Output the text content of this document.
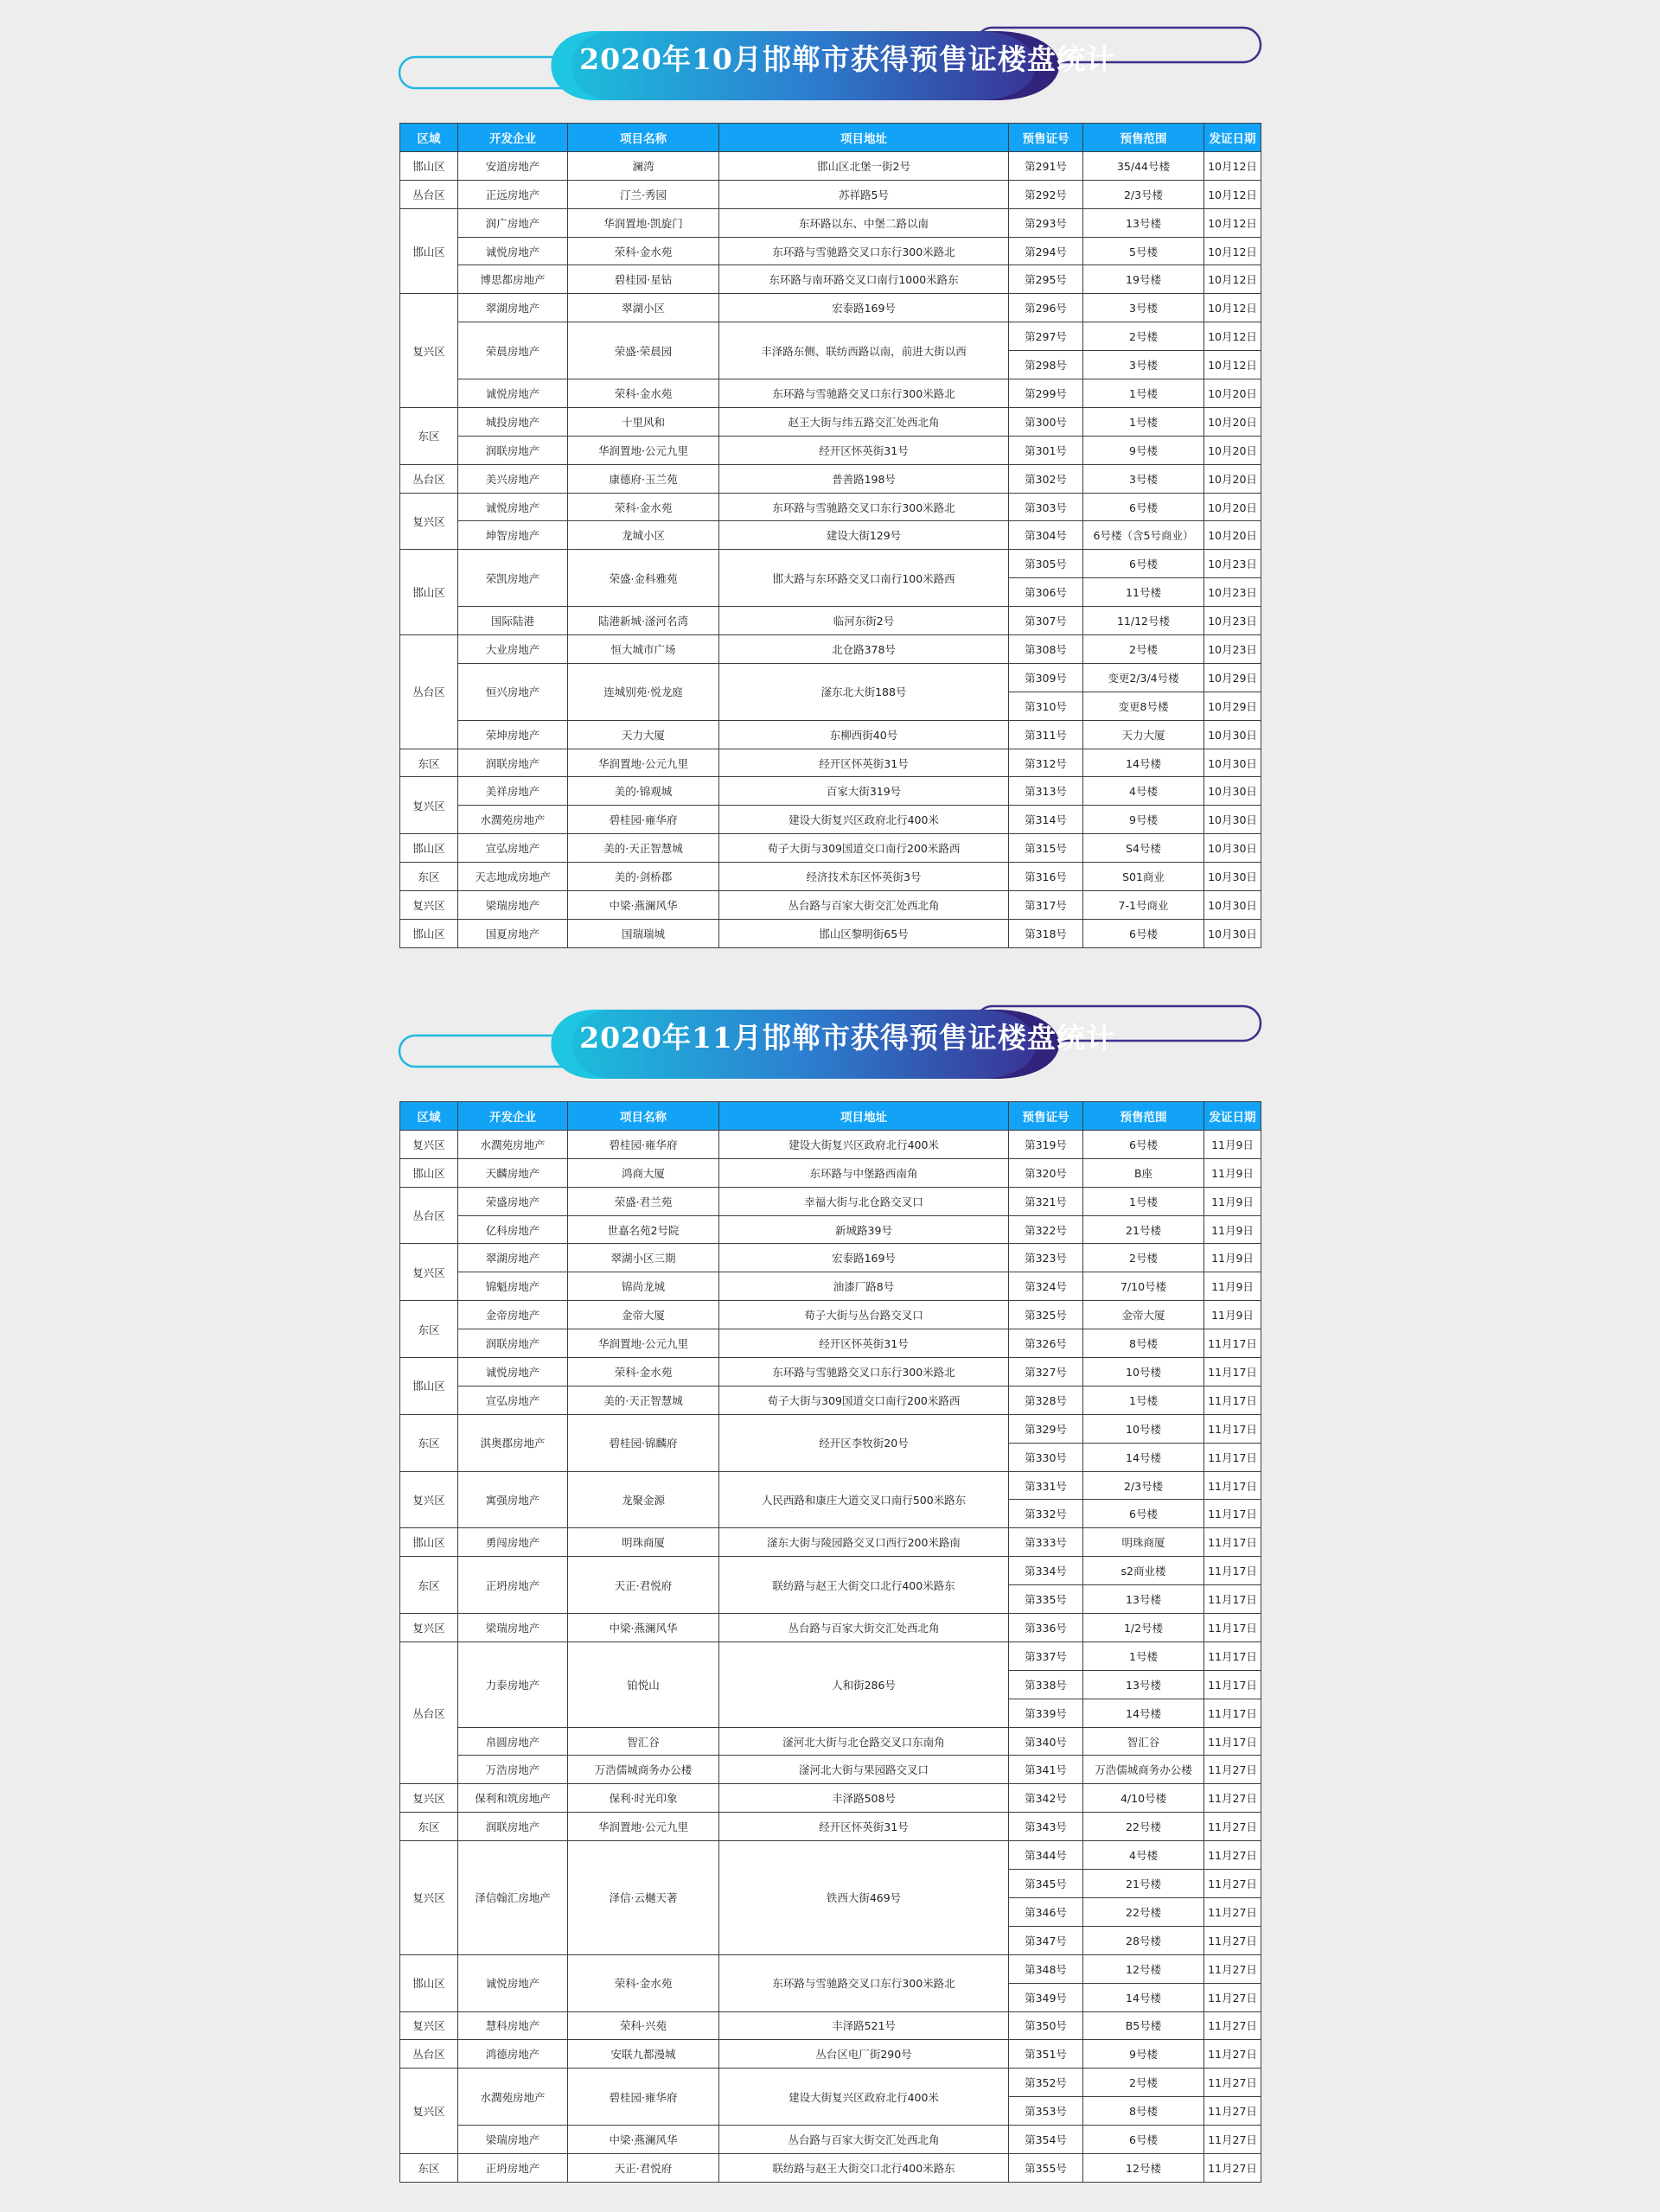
2020年10月邯郸市获得预售证楼盘统计
区域	开发企业	项目名称	项目地址	预售证号	预售范围	发证日期
邯山区	安道房地产	澜湾	邯山区北堡一街2号	第291号	35/44号楼	10月12日
丛台区	正远房地产	汀兰·秀园	苏祥路5号	第292号	2/3号楼	10月12日
邯山区	润广房地产	华润置地·凯旋门	东环路以东、中堡二路以南	第293号	13号楼	10月12日
	诚悦房地产	荣科·金水苑	东环路与雪驰路交叉口东行300米路北	第294号	5号楼	10月12日
	博思都房地产	碧桂园·星钻	东环路与南环路交叉口南行1000米路东	第295号	19号楼	10月12日
复兴区	翠湖房地产	翠湖小区	宏泰路169号	第296号	3号楼	10月12日
	荣晨房地产	荣盛·荣晨园	丰泽路东侧、联纺西路以南，前进大街以西	第297号	2号楼	10月12日
				第298号	3号楼	10月12日
	诚悦房地产	荣科·金水苑	东环路与雪驰路交叉口东行300米路北	第299号	1号楼	10月20日
东区	城投房地产	十里风和	赵王大街与纬五路交汇处西北角	第300号	1号楼	10月20日
	润联房地产	华润置地·公元九里	经开区怀英街31号	第301号	9号楼	10月20日
丛台区	美兴房地产	康德府·玉兰苑	普善路198号	第302号	3号楼	10月20日
复兴区	诚悦房地产	荣科·金水苑	东环路与雪驰路交叉口东行300米路北	第303号	6号楼	10月20日
	坤智房地产	龙城小区	建设大街129号	第304号	6号楼（含5号商业）	10月20日
邯山区	荣凯房地产	荣盛·金科雅苑	邯大路与东环路交叉口南行100米路西	第305号	6号楼	10月23日
				第306号	11号楼	10月23日
	国际陆港	陆港新城·滏河名湾	临河东街2号	第307号	11/12号楼	10月23日
丛台区	大业房地产	恒大城市广场	北仓路378号	第308号	2号楼	10月23日
	恒兴房地产	连城别苑·悦龙庭	滏东北大街188号	第309号	变更2/3/4号楼	10月29日
				第310号	变更8号楼	10月29日
	荣坤房地产	天力大厦	东柳西街40号	第311号	天力大厦	10月30日
东区	润联房地产	华润置地·公元九里	经开区怀英街31号	第312号	14号楼	10月30日
复兴区	美祥房地产	美的·锦观城	百家大街319号	第313号	4号楼	10月30日
	水潤苑房地产	碧桂园·雍华府	建设大街复兴区政府北行400米	第314号	9号楼	10月30日
邯山区	宣弘房地产	美的·天正智慧城	荀子大街与309国道交口南行200米路西	第315号	S4号楼	10月30日
东区	天志地成房地产	美的·剑桥郡	经济技术东区怀英街3号	第316号	S01商业	10月30日
复兴区	梁瑞房地产	中梁·燕澜风华	丛台路与百家大街交汇处西北角	第317号	7-1号商业	10月30日
邯山区	国夏房地产	国瑞瑞城	邯山区黎明街65号	第318号	6号楼	10月30日
2020年11月邯郸市获得预售证楼盘统计
区域	开发企业	项目名称	项目地址	预售证号	预售范围	发证日期
复兴区	水潤苑房地产	碧桂园·雍华府	建设大街复兴区政府北行400米	第319号	6号楼	11月9日
邯山区	天麟房地产	鸿商大厦	东环路与中堡路西南角	第320号	B座	11月9日
丛台区	荣盛房地产	荣盛·君兰苑	幸福大街与北仓路交叉口	第321号	1号楼	11月9日
	亿科房地产	世嘉名苑2号院	新城路39号	第322号	21号楼	11月9日
复兴区	翠湖房地产	翠湖小区三期	宏泰路169号	第323号	2号楼	11月9日
	锦魁房地产	锦尚龙城	油漆厂路8号	第324号	7/10号楼	11月9日
东区	金帝房地产	金帝大厦	荀子大街与丛台路交叉口	第325号	金帝大厦	11月9日
	润联房地产	华润置地·公元九里	经开区怀英街31号	第326号	8号楼	11月17日
邯山区	诚悦房地产	荣科·金水苑	东环路与雪驰路交叉口东行300米路北	第327号	10号楼	11月17日
	宣弘房地产	美的·天正智慧城	荀子大街与309国道交口南行200米路西	第328号	1号楼	11月17日
东区	淇奥郡房地产	碧桂园·锦麟府	经开区李牧街20号	第329号	10号楼	11月17日
				第330号	14号楼	11月17日
复兴区	寓强房地产	龙聚金源	人民西路和康庄大道交叉口南行500米路东	第331号	2/3号楼	11月17日
				第332号	6号楼	11月17日
邯山区	勇闯房地产	明珠商厦	滏东大街与陵园路交叉口西行200米路南	第333号	明珠商厦	11月17日
东区	正坍房地产	天正·君悦府	联纺路与赵王大街交口北行400米路东	第334号	s2商业楼	11月17日
				第335号	13号楼	11月17日
复兴区	梁瑞房地产	中梁·燕澜风华	丛台路与百家大街交汇处西北角	第336号	1/2号楼	11月17日
丛台区	力泰房地产	铂悦山	人和街286号	第337号	1号楼	11月17日
				第338号	13号楼	11月17日
				第339号	14号楼	11月17日
	帛圆房地产	智汇谷	滏河北大街与北仓路交叉口东南角	第340号	智汇谷	11月17日
	万浩房地产	万浩儒城商务办公楼	滏河北大街与果园路交叉口	第341号	万浩儒城商务办公楼	11月27日
复兴区	保利和筑房地产	保利·时光印象	丰泽路508号	第342号	4/10号楼	11月27日
东区	润联房地产	华润置地·公元九里	经开区怀英街31号	第343号	22号楼	11月27日
复兴区	泽信翰汇房地产	泽信·云樾天著	铁西大街469号	第344号	4号楼	11月27日
				第345号	21号楼	11月27日
				第346号	22号楼	11月27日
				第347号	28号楼	11月27日
邯山区	诚悦房地产	荣科·金水苑	东环路与雪驰路交叉口东行300米路北	第348号	12号楼	11月27日
				第349号	14号楼	11月27日
复兴区	慧科房地产	荣科·兴苑	丰泽路521号	第350号	B5号楼	11月27日
丛台区	鸿德房地产	安联九都漫城	丛台区电厂街290号	第351号	9号楼	11月27日
复兴区	水潤苑房地产	碧桂园·雍华府	建设大街复兴区政府北行400米	第352号	2号楼	11月27日
				第353号	8号楼	11月27日
	梁瑞房地产	中梁·燕澜风华	丛台路与百家大街交汇处西北角	第354号	6号楼	11月27日
东区	正坍房地产	天正·君悦府	联纺路与赵王大街交口北行400米路东	第355号	12号楼	11月27日
